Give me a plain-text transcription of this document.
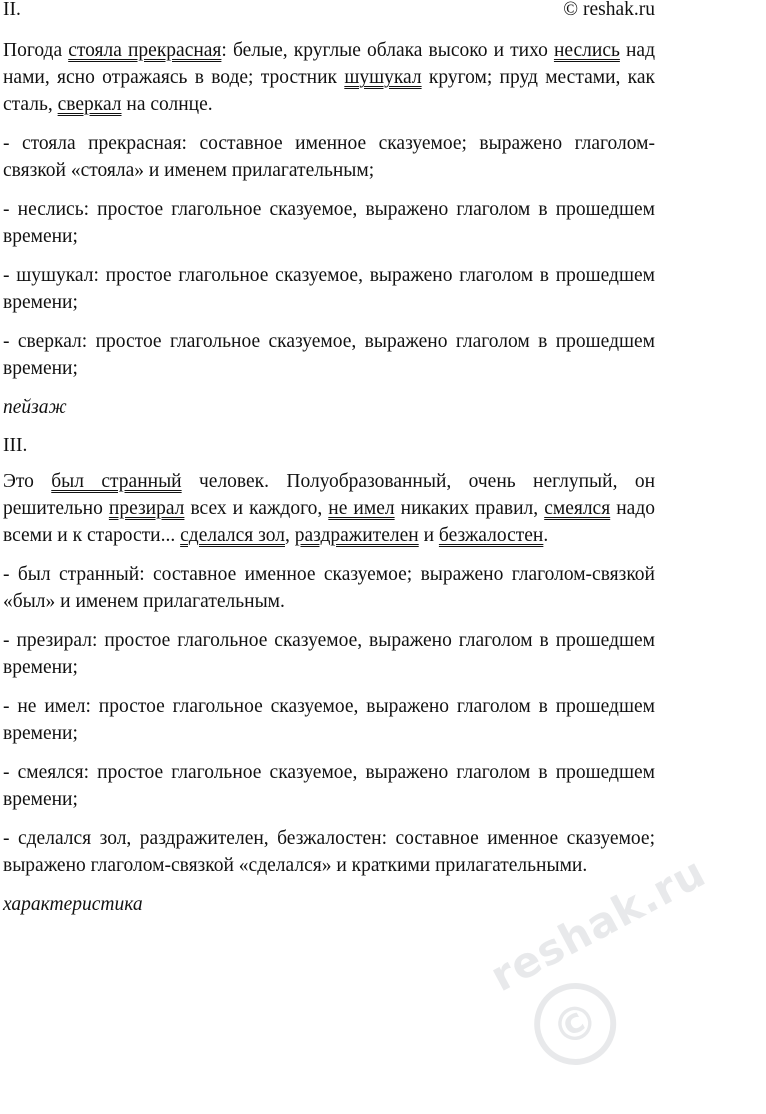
II.	© reshak.ru

Погода стояла прекрасная: белые, круглые облака высоко и тихо неслись над нами, ясно отражаясь в воде; тростник шушукал кругом; пруд местами, как сталь, сверкал на солнце.

- стояла прекрасная: составное именное сказуемое; выражено глаголом-связкой «стояла» и именем прилагательным;

- неслись: простое глагольное сказуемое, выражено глаголом в прошедшем времени;

- шушукал: простое глагольное сказуемое, выражено глаголом в прошедшем времени;

- сверкал: простое глагольное сказуемое, выражено глаголом в прошедшем времени;

пейзаж

III.

Это был странный человек. Полуобразованный, очень неглупый, он решительно презирал всех и каждого, не имел никаких правил, смеялся надо всеми и к старости... сделался зол, раздражителен и безжалостен.

- был странный: составное именное сказуемое; выражено глаголом-связкой «был» и именем прилагательным.

- презирал: простое глагольное сказуемое, выражено глаголом в прошедшем времени;

- не имел: простое глагольное сказуемое, выражено глаголом в прошедшем времени;

- смеялся: простое глагольное сказуемое, выражено глаголом в прошедшем времени;

- сделался зол, раздражителен, безжалостен: составное именное сказуемое; выражено глаголом-связкой «сделался» и краткими прилагательными.

характеристика	reshak.ru
©
